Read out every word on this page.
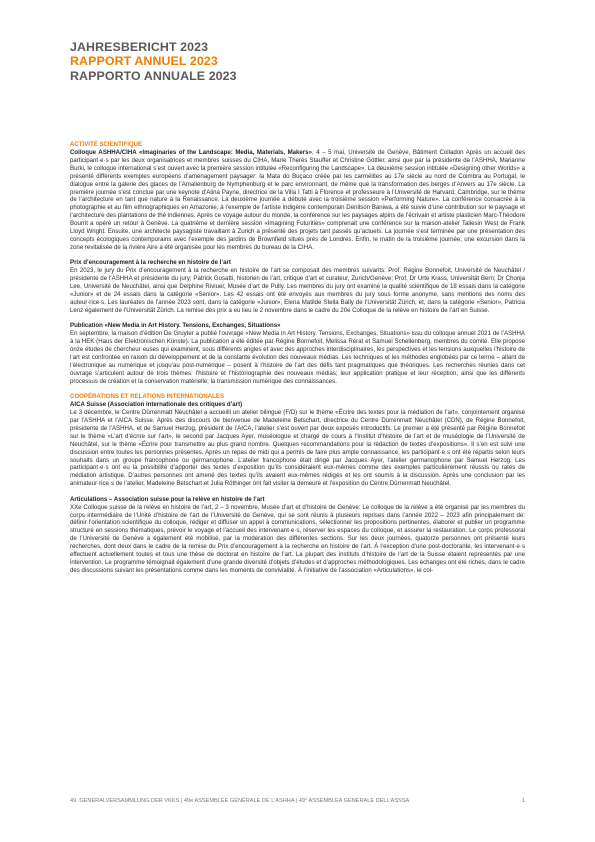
JAHRESBERICHT 2023
RAPPORT ANNUEL 2023
RAPPORTO ANNUALE 2023
ACTIVITÉ SCIENTIFIQUE
Colloque ASHHA/CIHA «Imaginaries of the Landscape: Media, Materials, Makers», 4 – 5 mai, Université de Genève, Bâtiment Colladon Après un accueil des participant·e·s par les deux organisatrices et membres suisses du CIHA, Marie Therès Stauffer et Christine Göttler, ainsi que par la présidente de l’ASHHA, Marianne Burki, le colloque international s’est ouvert avec la première session intitulée «Reconfiguring the Landscape». La deuxième session intitulée «Designing other Worlds» a présenté différents exemples européens d’aménagement paysager: la Mata do Buçaco créée par les carmélites au 17e siècle au nord de Coimbra au Portugal, le dialogue entre la galerie des glaces de l’Amalienburg de Nymphenburg et le parc environnant, de même que la transformation des berges d’Anvers au 17e siècle. La première journée s’est conclue par une keynote d’Alina Payne, directrice de la Villa I Tatti à Florence et professeure à l’Université de Harvard, Cambridge, sur le thème de l’architecture en tant que nature à la Renaissance. La deuxième journée a débuté avec la troisième session «Performing Nature». La conférence consacrée à la photographie et au film ethnographiques en Amazonie, à l’exemple de l’artiste indigène contemporain Denilson Baniwa, a été suivie d’une contribution sur le paysage et l’architecture des plantations de thé indiennes. Après ce voyage autour du monde, la conférence sur les paysages alpins de l’écrivain et artiste plasticien Marc-Théodore Bourrit a opéré un retour à Genève. La quatrième et dernière session «Imagining Futurities» comprenait une conférence sur la maison-atelier Taliesin West de Frank Lloyd Wright. Ensuite, une architecte paysagiste travaillant à Zurich a présenté des projets tant passés qu’actuels. La journée s’est terminée par une présentation des concepts écologiques contemporains avec l’exemple des jardins de Brownfield situés près de Londres. Enfin, le matin de la troisième journée, une excursion dans la zone revitalisée de la rivière Aire a été organisée pour les membres du bureau de la CIHA.
Prix d’encouragement à la recherche en histoire de l’art
En 2023, le jury du Prix d’encouragement à la recherche en histoire de l’art se composait des membres suivants: Prof. Régine Bonnefoit, Université de Neuchâtel / présidente de l’ASHHA et présidente du jury; Patrick Gosatti, historien de l’art, critique d’art et curateur, Zurich/Genève; Prof. Dr Urte Krass, Universität Bern; Dr Chonja Lee, Université de Neuchâtel, ainsi que Delphine Riviuer, Musée d’art de Pully. Les membres du jury ont examiné la qualité scientifique de 18 essais dans la catégorie «Junior» et de 24 essais dans la catégorie «Senior». Les 42 essais ont été envoyés aux membres du jury sous forme anonyme, sans mentions des noms des auteur·rice·s. Les lauréates de l’année 2023 sont, dans la catégorie «Junior», Elena Matilde Stella Bally de l’Universität Zürich, et, dans la catégorie «Senior», Patricia Lenz également de l’Universität Zürich. La remise des prix a eu lieu le 2 novembre dans le cadre du 20e Colloque de la relève en histoire de l’art en Suisse.
Publication «New Media in Art History. Tensions, Exchanges, Situations»
En septembre, la maison d’édition De Gruyter a publié l’ouvrage «New Media in Art History. Tensions, Exchanges, Situations» issu du colloque annuel 2021 de l’ASHHA à la HEK (Haus der Elektronischen Künste). La publication a été éditée par Régine Bonnefoit, Melissa Rérat et Samuel Schellenberg, membres du comité. Elle propose onze études de chercheur·euses qui examinent, sous différents angles et avec des approches interdisciplinaires, les perspectives et les tensions auxquelles l’histoire de l’art est confrontée en raison du développement et de la constante évolution des nouveaux médias. Les techniques et les méthodes englobées par ce terme – allant de l’électronique au numérique et jusqu’au post-numérique – posent à l’histoire de l’art des défis tant pragmatiques que théoriques. Les recherches réunies dans cet ouvrage s’articulent autour de trois thèmes: l’histoire et l’historiographie des nouveaux médias; leur application pratique et leur réception, ainsi que les différents processus de création et la conservation matérielle; la transmission numérique des connaissances.
COOPÉRATIONS ET RELATIONS INTERNATIONALES
AICA Suisse (Association internationale des critiques d’art)
Le 3 décembre, le Centre Dürrenmatt Neuchâtel a accueilli un atelier bilingue (F/D) sur le thème «Écrire des textes pour la médiation de l’art», conjointement organisé par l’ASHHA et l’AICA Suisse. Après des discours de bienvenue de Madeleine Betschart, directrice du Centre Dürrenmatt Neuchâtel (CDN), de Régine Bonnefoit, présidente de l’ASHHA, et de Samuel Herzog, président de l’AICA, l’atelier s’est ouvert par deux exposés introductifs. Le premier a été présenté par Régine Bonnefoit sur le thème «L’art d’écrire sur l’art», le second par Jacques Ayer, muséologue et chargé de cours à l’Institut d’histoire de l’art et de muséologie de l’Université de Neuchâtel, sur le thème «Écrire pour transmettre au plus grand nombre. Quelques recommandations pour la rédaction de textes d’expositions». Il s’en est suivi une discussion entre toutes les personnes présentes. Après un repas de midi qui a permis de faire plus ample connaissance, les participant·e·s ont été répartis selon leurs souhaits dans un groupe francophone ou germanophone. L’atelier francophone était dirigé par Jacques Ayer, l’atelier germanophone par Samuel Herzog. Les participant·e·s ont eu la possibilité d’apporter des textes d’exposition qu’ils considéraient eux-mêmes comme des exemples particulièrement réussis ou ratés de médiation artistique. D’autres personnes ont amené des textes qu’ils avaient eux-mêmes rédigés et les ont soumis à la discussion. Après une conclusion par les animateur·rice·s de l’atelier, Madeleine Betschart et Julia Röthinger ont fait visiter la demeure et l’exposition du Centre Dürrenmatt Neuchâtel.
Articulations – Association suisse pour la relève en histoire de l’art
XXe Colloque suisse de la relève en histoire de l’art, 2 – 3 novembre, Musée d’art et d’histoire de Genève: Le colloque de la relève a été organisé par les membres du corps intermédiaire de l’Unité d’histoire de l’art de l’Université de Genève, qui se sont réunis à plusieurs reprises dans l’année 2022 – 2023 afin principalement de: définir l’orientation scientifique du colloque, rédiger et diffuser un appel à communications, sélectionner les propositions pertinentes, élaborer et publier un programme structuré en sessions thématiques, prévoir le voyage et l’accueil des intervenant·e·s, réserver les espaces du colloque, et assurer la restauration. Le corps professoral de l’Université de Genève a également été mobilisé, par la modération des différentes sections. Sur les deux journées, quatorze personnes ont présenté leurs recherches, dont deux dans le cadre de la remise du Prix d’encouragement à la recherche en histoire de l’art. À l’exception d’une post-doctorante, les intervenant·e·s effectuent actuellement toutes et tous une thèse de doctorat en histoire de l’art. La plupart des instituts d’histoire de l’art de la Suisse étaient représentés par une intervention. Le programme témoignait également d’une grande diversité d’objets d’études et d’approches méthodologiques. Les échanges ont été riches, dans le cadre des discussions suivant les présentations comme dans les moments de convivialité. À l’initiative de l’association «Articulations», le col-
49. GENERALVERSAMMLUNG DER VKKS | 49e ASSEMBLÉE GÉNÉRALE DE L’ASHHA | 49° ASSEMBLEA GENERALE DELL’ASSSA	1
